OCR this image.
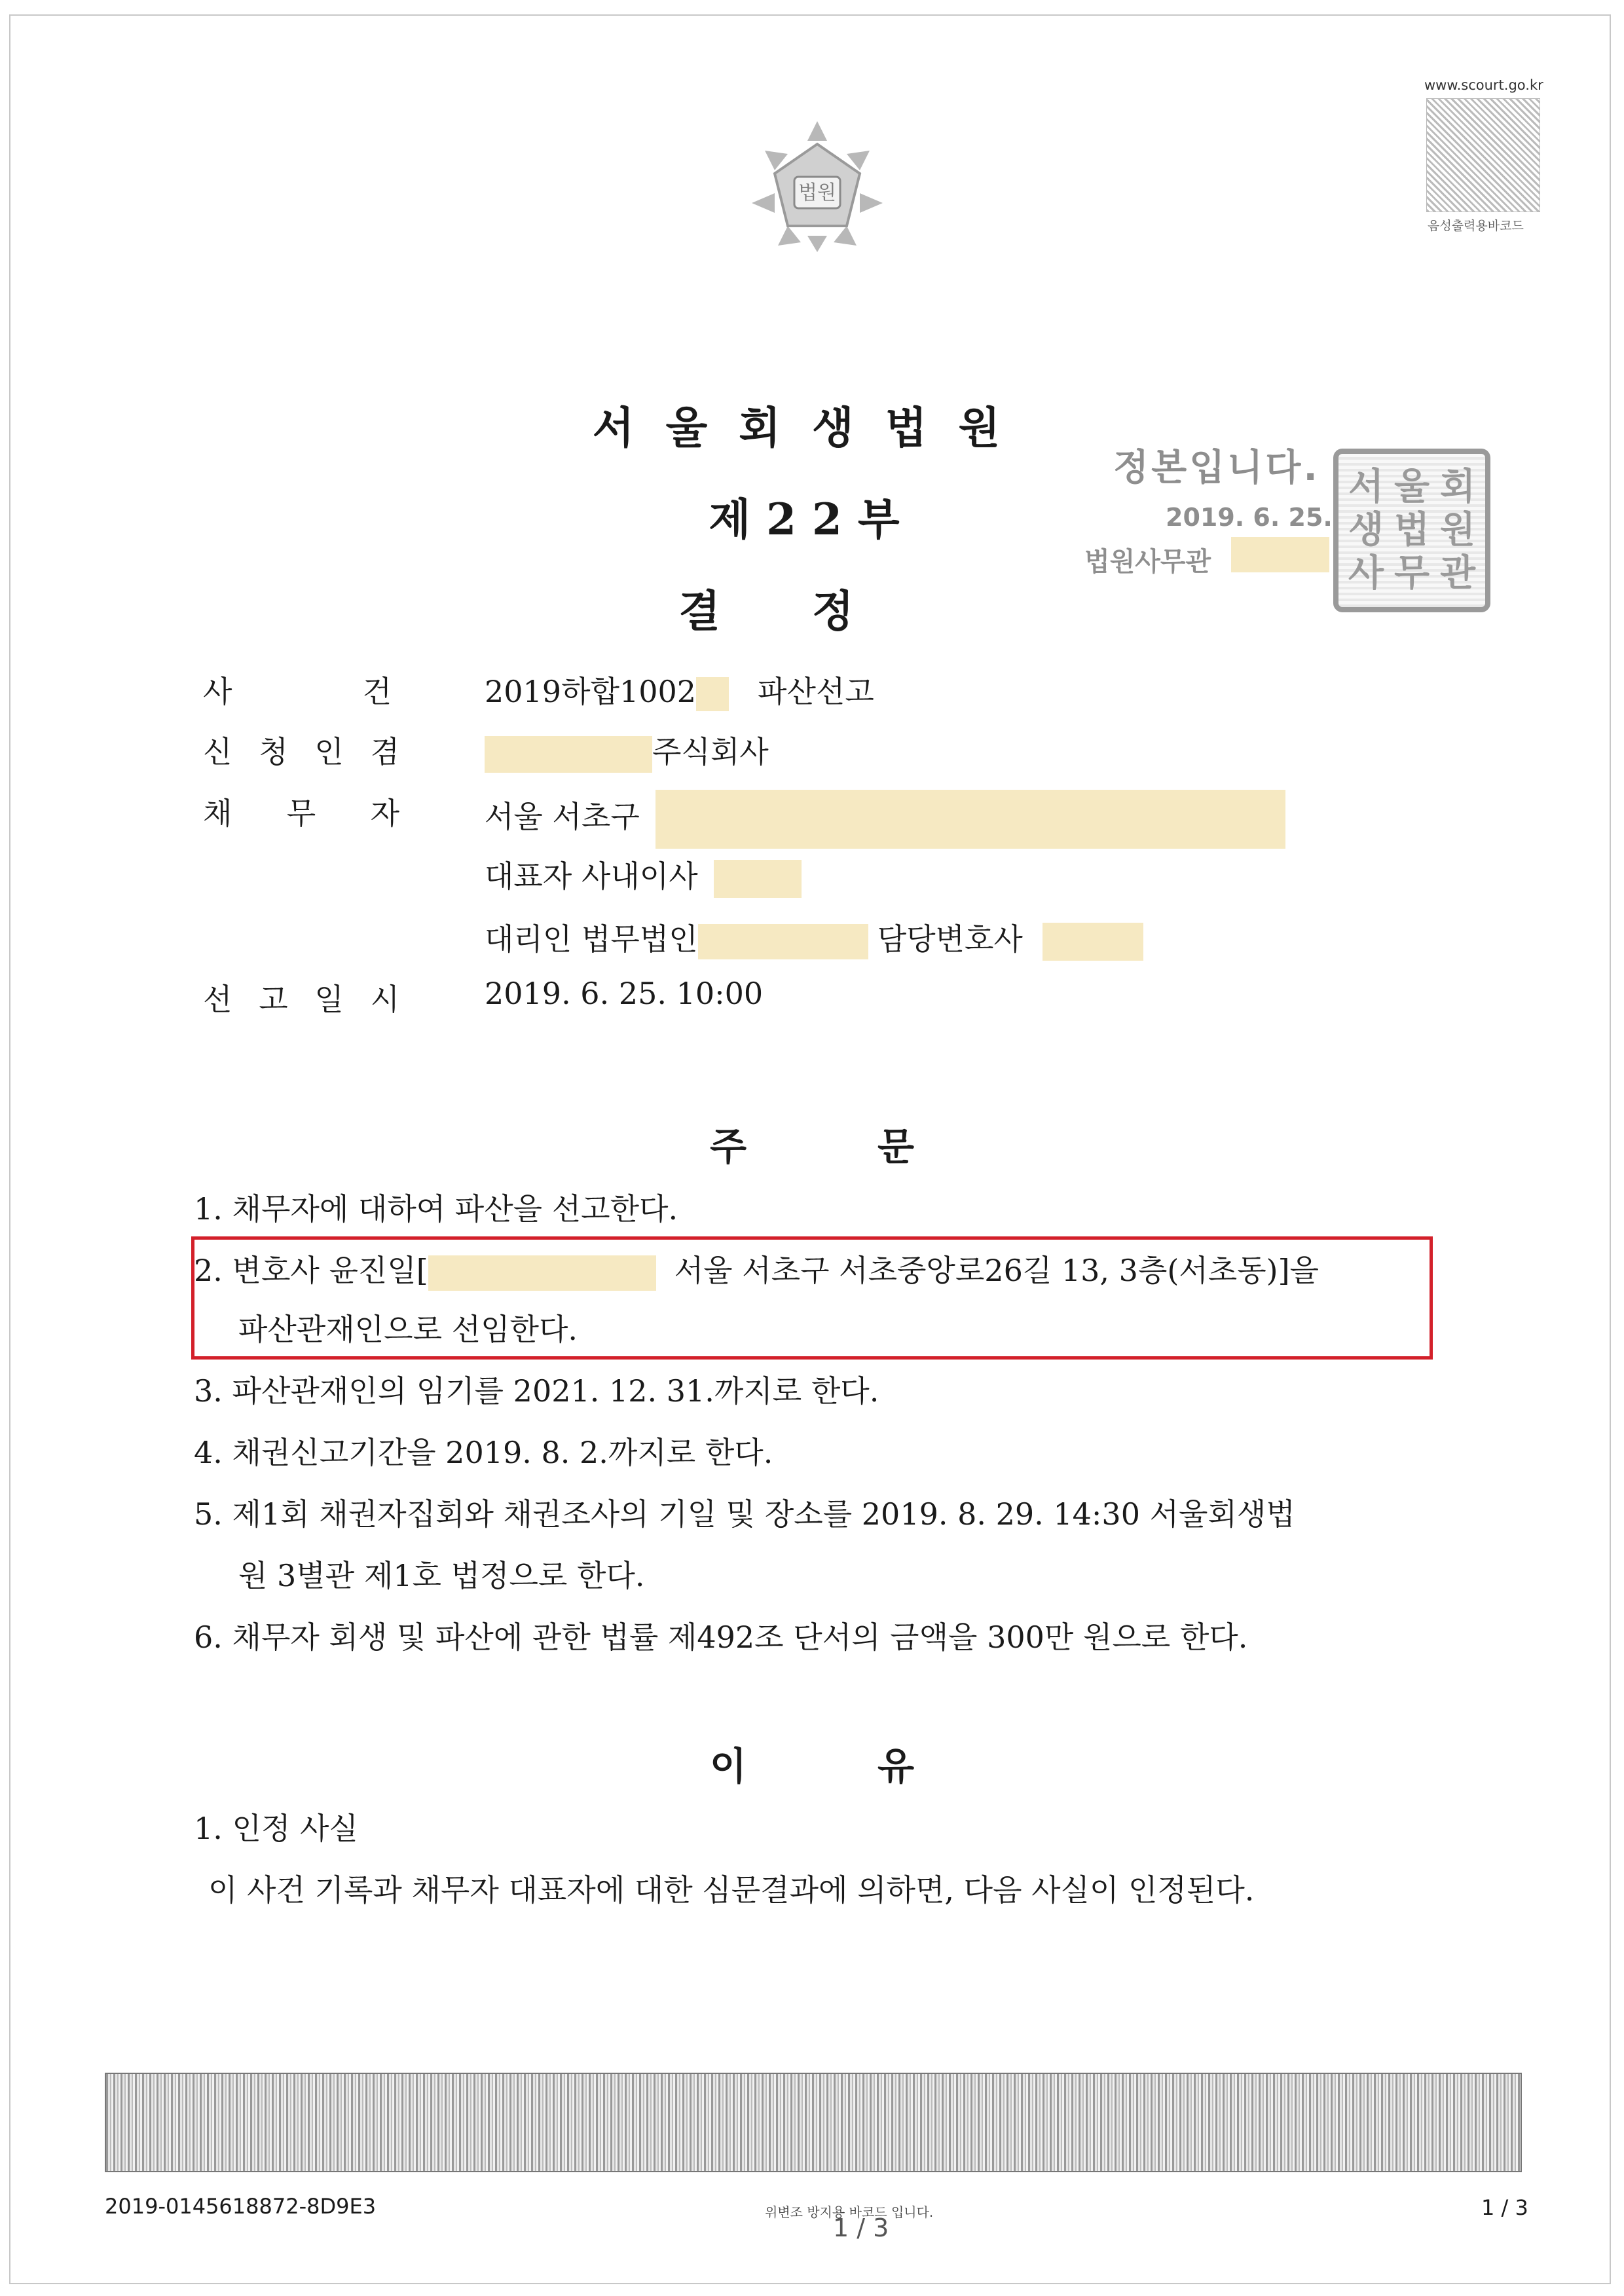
법원
www.scourt.go.kr
음성출력용바코드
서울회생법원
제22부
결정
정본입니다.
2019. 6. 25.
법원사무관
서 울 회
생 법 원
사 무 관
사	건	2019하합1002 파산선고
신 청 인 겸	주식회사
채 무 자	서울 서초구
대표자 사내이사
대리인 법무법인	담당변호사
선 고 일 시	2019. 6. 25. 10:00
주문
1. 채무자에 대하여 파산을 선고한다.
2. 변호사 윤진일[	서울 서초구 서초중앙로26길 13, 3층(서초동)]을
파산관재인으로 선임한다.
3. 파산관재인의 임기를 2021. 12. 31.까지로 한다.
4. 채권신고기간을 2019. 8. 2.까지로 한다.
5. 제1회 채권자집회와 채권조사의 기일 및 장소를 2019. 8. 29. 14:30 서울회생법
원 3별관 제1호 법정으로 한다.
6. 채무자 회생 및 파산에 관한 법률 제492조 단서의 금액을 300만 원으로 한다.
이유
1. 인정 사실
이 사건 기록과 채무자 대표자에 대한 심문결과에 의하면, 다음 사실이 인정된다.
2019-0145618872-8D9E3	위변조 방지용 바코드 입니다.
1 / 3
1 / 3
